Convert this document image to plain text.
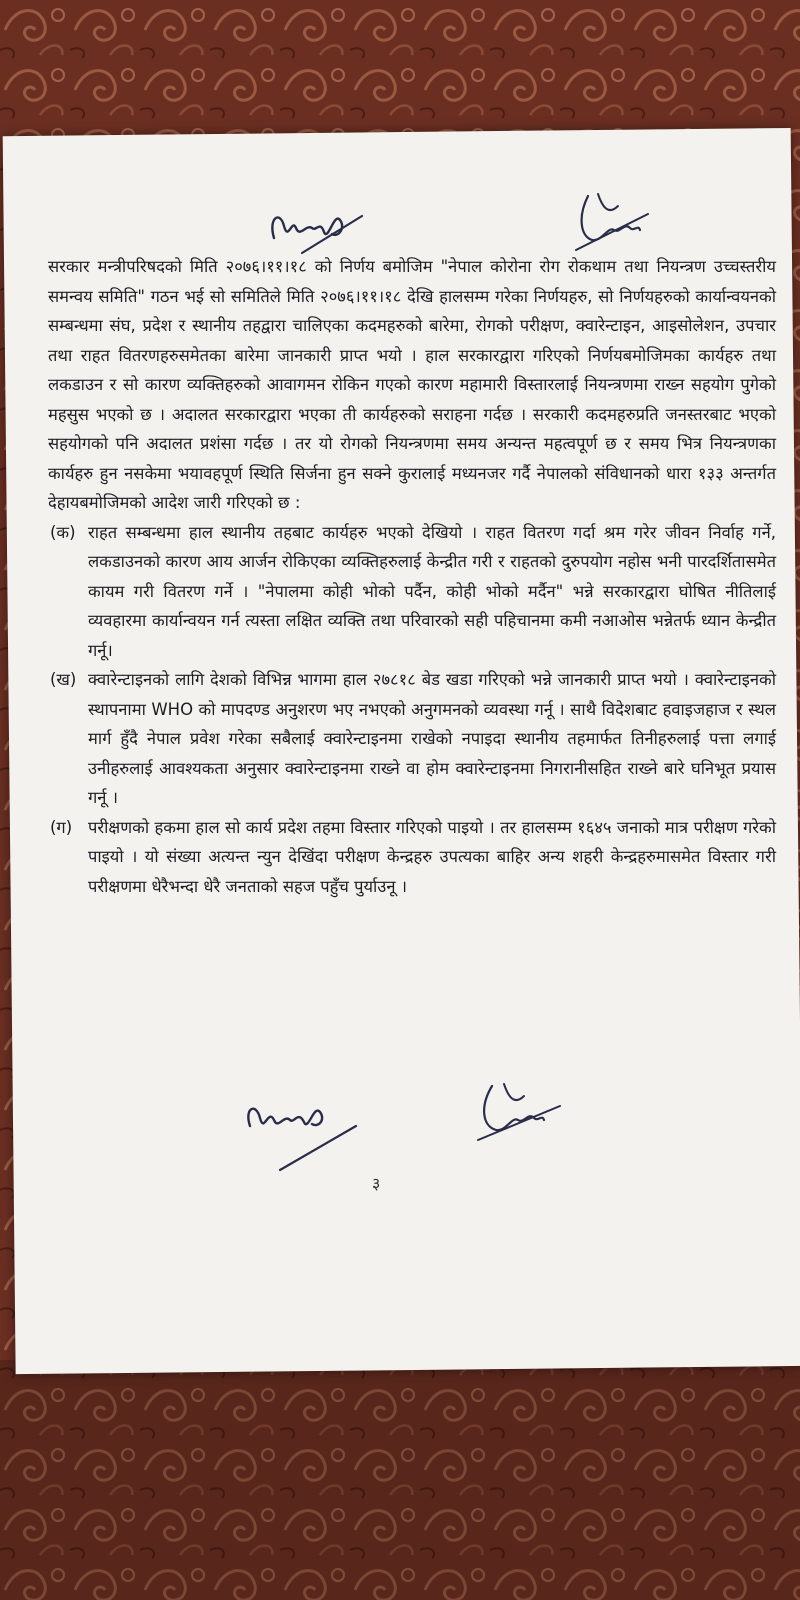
सरकार मन्त्रीपरिषदको मिति २०७६।११।१८ को निर्णय बमोजिम "नेपाल कोरोना रोग रोकथाम तथा नियन्त्रण उच्चस्तरीय समन्वय समिति" गठन भई सो समितिले मिति २०७६।११।१८ देखि हालसम्म गरेका निर्णयहरु, सो निर्णयहरुको कार्यान्वयनको सम्बन्धमा संघ, प्रदेश र स्थानीय तहद्वारा चालिएका कदमहरुको बारेमा, रोगको परीक्षण, क्वारेन्टाइन, आइसोलेशन, उपचार तथा राहत वितरणहरुसमेतका बारेमा जानकारी प्राप्त भयो । हाल सरकारद्वारा गरिएको निर्णयबमोजिमका कार्यहरु तथा लकडाउन र सो कारण व्यक्तिहरुको आवागमन रोकिन गएको कारण महामारी विस्तारलाई नियन्त्रणमा राख्न सहयोग पुगेको महसुस भएको छ । अदालत सरकारद्वारा भएका ती कार्यहरुको सराहना गर्दछ । सरकारी कदमहरुप्रति जनस्तरबाट भएको सहयोगको पनि अदालत प्रशंसा गर्दछ । तर यो रोगको नियन्त्रणमा समय अन्यन्त महत्वपूर्ण छ र समय भित्र नियन्त्रणका कार्यहरु हुन नसकेमा भयावहपूर्ण स्थिति सिर्जना हुन सक्ने कुरालाई मध्यनजर गर्दै नेपालको संविधानको धारा १३३ अन्तर्गत देहायबमोजिमको आदेश जारी गरिएको छ :

(क) राहत सम्बन्धमा हाल स्थानीय तहबाट कार्यहरु भएको देखियो । राहत वितरण गर्दा श्रम गरेर जीवन निर्वाह गर्ने, लकडाउनको कारण आय आर्जन रोकिएका व्यक्तिहरुलाई केन्द्रीत गरी र राहतको दुरुपयोग नहोस भनी पारदर्शितासमेत कायम गरी वितरण गर्ने । "नेपालमा कोही भोको पर्दैन, कोही भोको मर्दैन" भन्ने सरकारद्वारा घोषित नीतिलाई व्यवहारमा कार्यान्वयन गर्न त्यस्ता लक्षित व्यक्ति तथा परिवारको सही पहिचानमा कमी नआओस भन्नेतर्फ ध्यान केन्द्रीत गर्नू।
(ख) क्वारेन्टाइनको लागि देशको विभिन्न भागमा हाल २७८१८ बेड खडा गरिएको भन्ने जानकारी प्राप्त भयो । क्वारेन्टाइनको स्थापनामा WHO को मापदण्ड अनुशरण भए नभएको अनुगमनको व्यवस्था गर्नू । साथै विदेशबाट हवाइजहाज र स्थल मार्ग हुँदै नेपाल प्रवेश गरेका सबैलाई क्वारेन्टाइनमा राखेको नपाइदा स्थानीय तहमार्फत तिनीहरुलाई पत्ता लगाई उनीहरुलाई आवश्यकता अनुसार क्वारेन्टाइनमा राख्ने वा होम क्वारेन्टाइनमा निगरानीसहित राख्ने बारे घनिभूत प्रयास गर्नू ।
(ग) परीक्षणको हकमा हाल सो कार्य प्रदेश तहमा विस्तार गरिएको पाइयो । तर हालसम्म १६४५ जनाको मात्र परीक्षण गरेको पाइयो । यो संख्या अत्यन्त न्युन देखिंदा परीक्षण केन्द्रहरु उपत्यका बाहिर अन्य शहरी केन्द्रहरुमासमेत विस्तार गरी परीक्षणमा धेरैभन्दा धेरै जनताको सहज पहुँच पुर्याउनू ।
३
